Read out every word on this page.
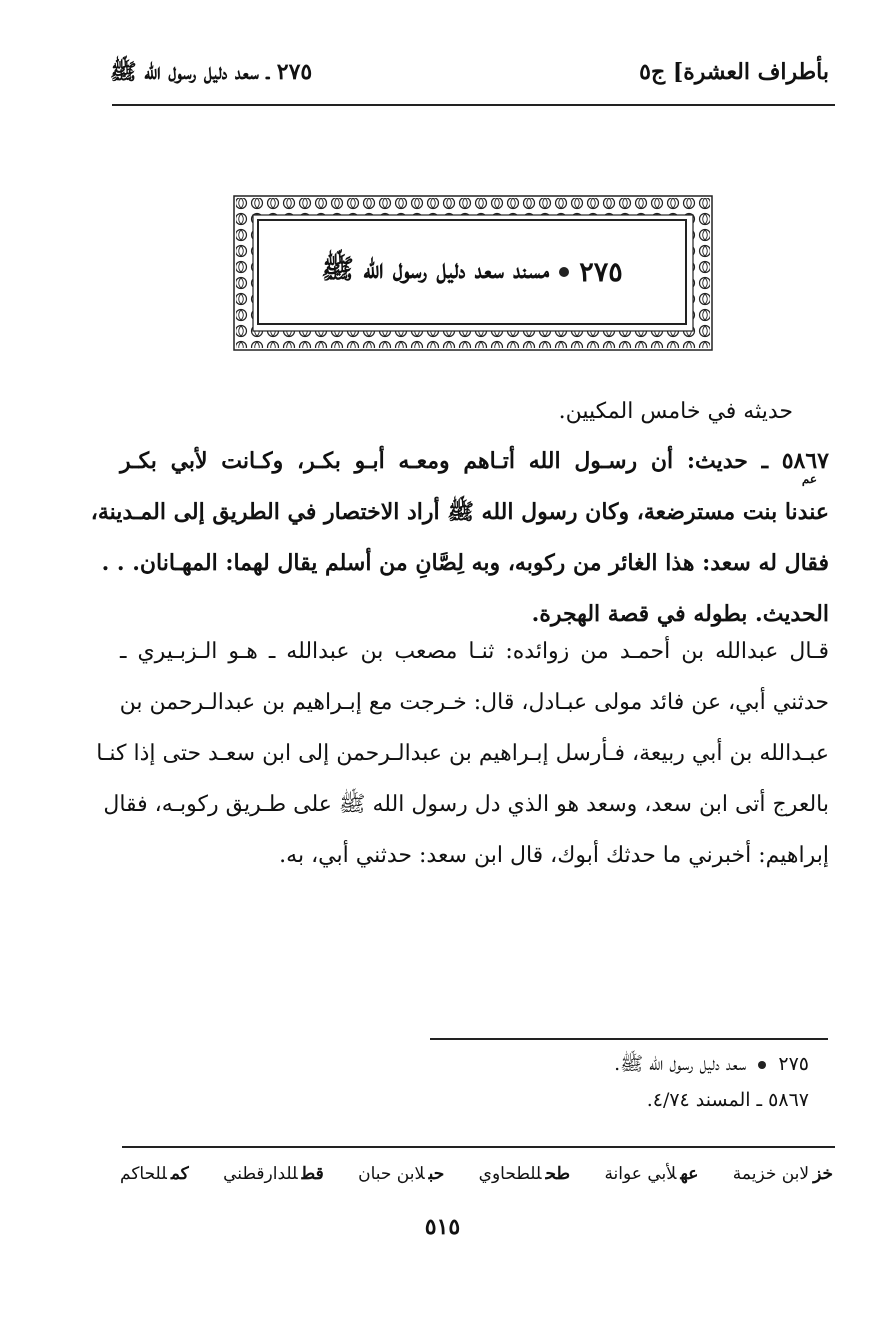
٢٧٥ ـ سعد دليل رسول الله ﷺ	بأطراف العشرة] ج٥
٢٧٥
مسند سعد دليل رسول الله ﷺ
حديثه في خامس المكيين.
٥٨٦٧ ـ حديث: أن رسـول الله أتـاهم ومعـه أبـو بكـر، وكـانت لأبي بكـر
عندنا بنت مسترضعة، وكان رسول الله ﷺ أراد الاختصار في الطريق إلى المـدينة،
فقال له سعد: هذا الغائر من ركوبه، وبه لِصَّانِ من أسلم يقال لهما: المهـانان. . .
الحديث. بطوله في قصة الهجرة.
عم
قـال عبدالله بن أحمـد من زوائده: ثنـا مصعب بن عبدالله ـ هـو الـزبـيري ـ
حدثني أبي، عن فائد مولى عبـادل، قال: خـرجت مع إبـراهيم بن عبدالـرحمن بن
عبـدالله بن أبي ربيعة، فـأرسل إبـراهيم بن عبدالـرحمن إلى ابن سعـد حتى إذا كنـا
بالعرج أتى ابن سعد، وسعد هو الذي دل رسول الله ﷺ على طـريق ركوبـه، فقال
إبراهيم: أخبرني ما حدثك أبوك، قال ابن سعد: حدثني أبي، به.
٢٧٥  سعد دليل رسول الله ﷺ.
٥٨٦٧ ـ المسند ٤/٧٤.
خزلابن خزيمة
عهلأبي عوانة
طحللطحاوي
حبلابن حبان
قطللدارقطني
كمللحاكم
٥١٥
